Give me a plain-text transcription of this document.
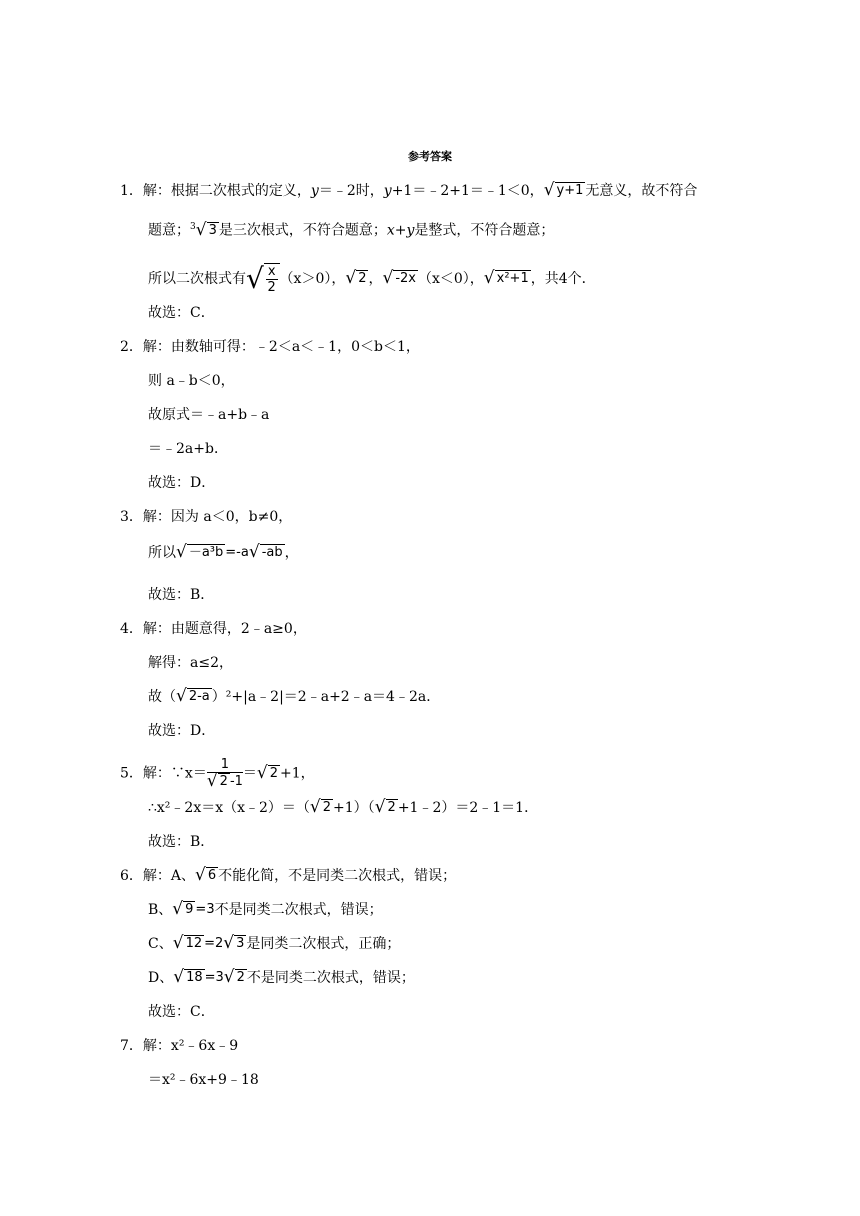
参考答案
1．解：根据二次根式的定义，y＝﹣2时，y+1＝﹣2+1＝﹣1＜0，√ y+1 无意义，故不符合
题意；$^3$√ 3 是三次根式，不符合题意；x+y是整式，不符合题意；
所以二次根式有√ $\frac{x}{2} (x>0)$，√ 2 ，√ -2x （x＜0），√ x²+1 ，共4个．
故选：C．
2．解：由数轴可得：﹣2＜a＜﹣1，0＜b＜1，
则 a﹣b＜0，
故原式＝﹣a+b﹣a
＝﹣2a+b．
故选：D．
3．解：因为 a＜0，b≠0，
所以√ －a³b =-a√ -ab ，
故选：B．
4．解：由题意得，2﹣a≥0，
解得：a≤2，
故（√ 2-a ）²+|a﹣2|＝2﹣a+2﹣a＝4﹣2a．
故选：D．
5．解：∵x＝ $\frac{1}{√ 2 -1}$ ＝√ 2 +1，
∴x²﹣2x＝x（x﹣2）＝（√ 2 +1）（√ 2 +1﹣2）＝2﹣1＝1．
故选：B．
6．解：A、√ 6 不能化简，不是同类二次根式，错误；
B、√ 9 =3不是同类二次根式，错误；
C、√ 12 =2√ 3 是同类二次根式，正确；
D、√ 18 =3√ 2 不是同类二次根式，错误；
故选：C．
7．解：x²﹣6x﹣9
＝x²﹣6x+9﹣18
